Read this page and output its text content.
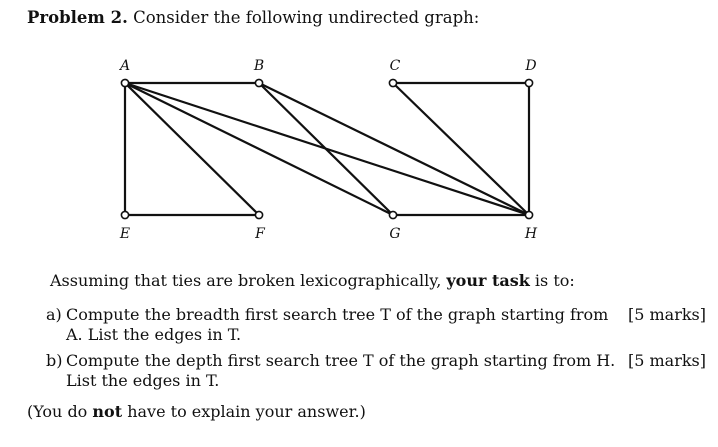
Problem 2. Consider the following undirected graph:
A	B	C	D
E	F	G	H
Assuming that ties are broken lexicographically, your task is to:
a) Compute the breadth first search tree T of the graph starting from A. List the edges in T.
[5 marks]
b) Compute the depth first search tree T of the graph starting from H. List the edges in T.
[5 marks]
(You do not have to explain your answer.)
